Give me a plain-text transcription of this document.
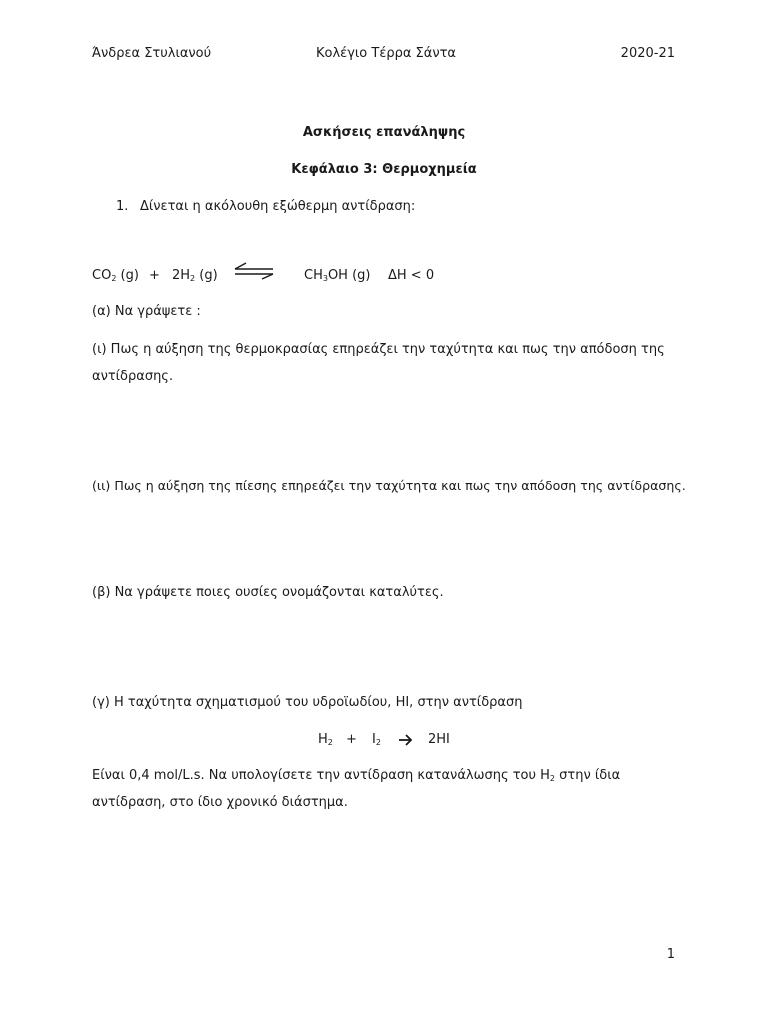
Άνδρεα Στυλιανού	Κολέγιο Τέρρα Σάντα	2020-21
Ασκήσεις επανάληψης
Κεφάλαιο 3: Θερμοχημεία
1. Δίνεται η ακόλουθη εξώθερμη αντίδραση:
$CO_2$ $(g) + 2H_2$ (g) ⇌ $CH_3OH$ (g) ΔΗ < 0
(α) Να γράψετε :
(ι) Πως η αύξηση της θερμοκρασίας επηρεάζει την ταχύτητα και πως την απόδοση της αντίδρασης.
(ιι) Πως η αύξηση της πίεσης επηρεάζει την ταχύτητα και πως την απόδοση της αντίδρασης.
(β) Να γράψετε ποιες ουσίες ονομάζονται καταλύτες.
(γ) Η ταχύτητα σχηματισμού του υδροϊωδίου, HI, στην αντίδραση
$H_2 + I_2$	2HI
Είναι 0,4 mol/L.s. Να υπολογίσετε την αντίδραση κατανάλωσης του $H_2$ στην ίδια αντίδραση, στο ίδιο χρονικό διάστημα.
1
